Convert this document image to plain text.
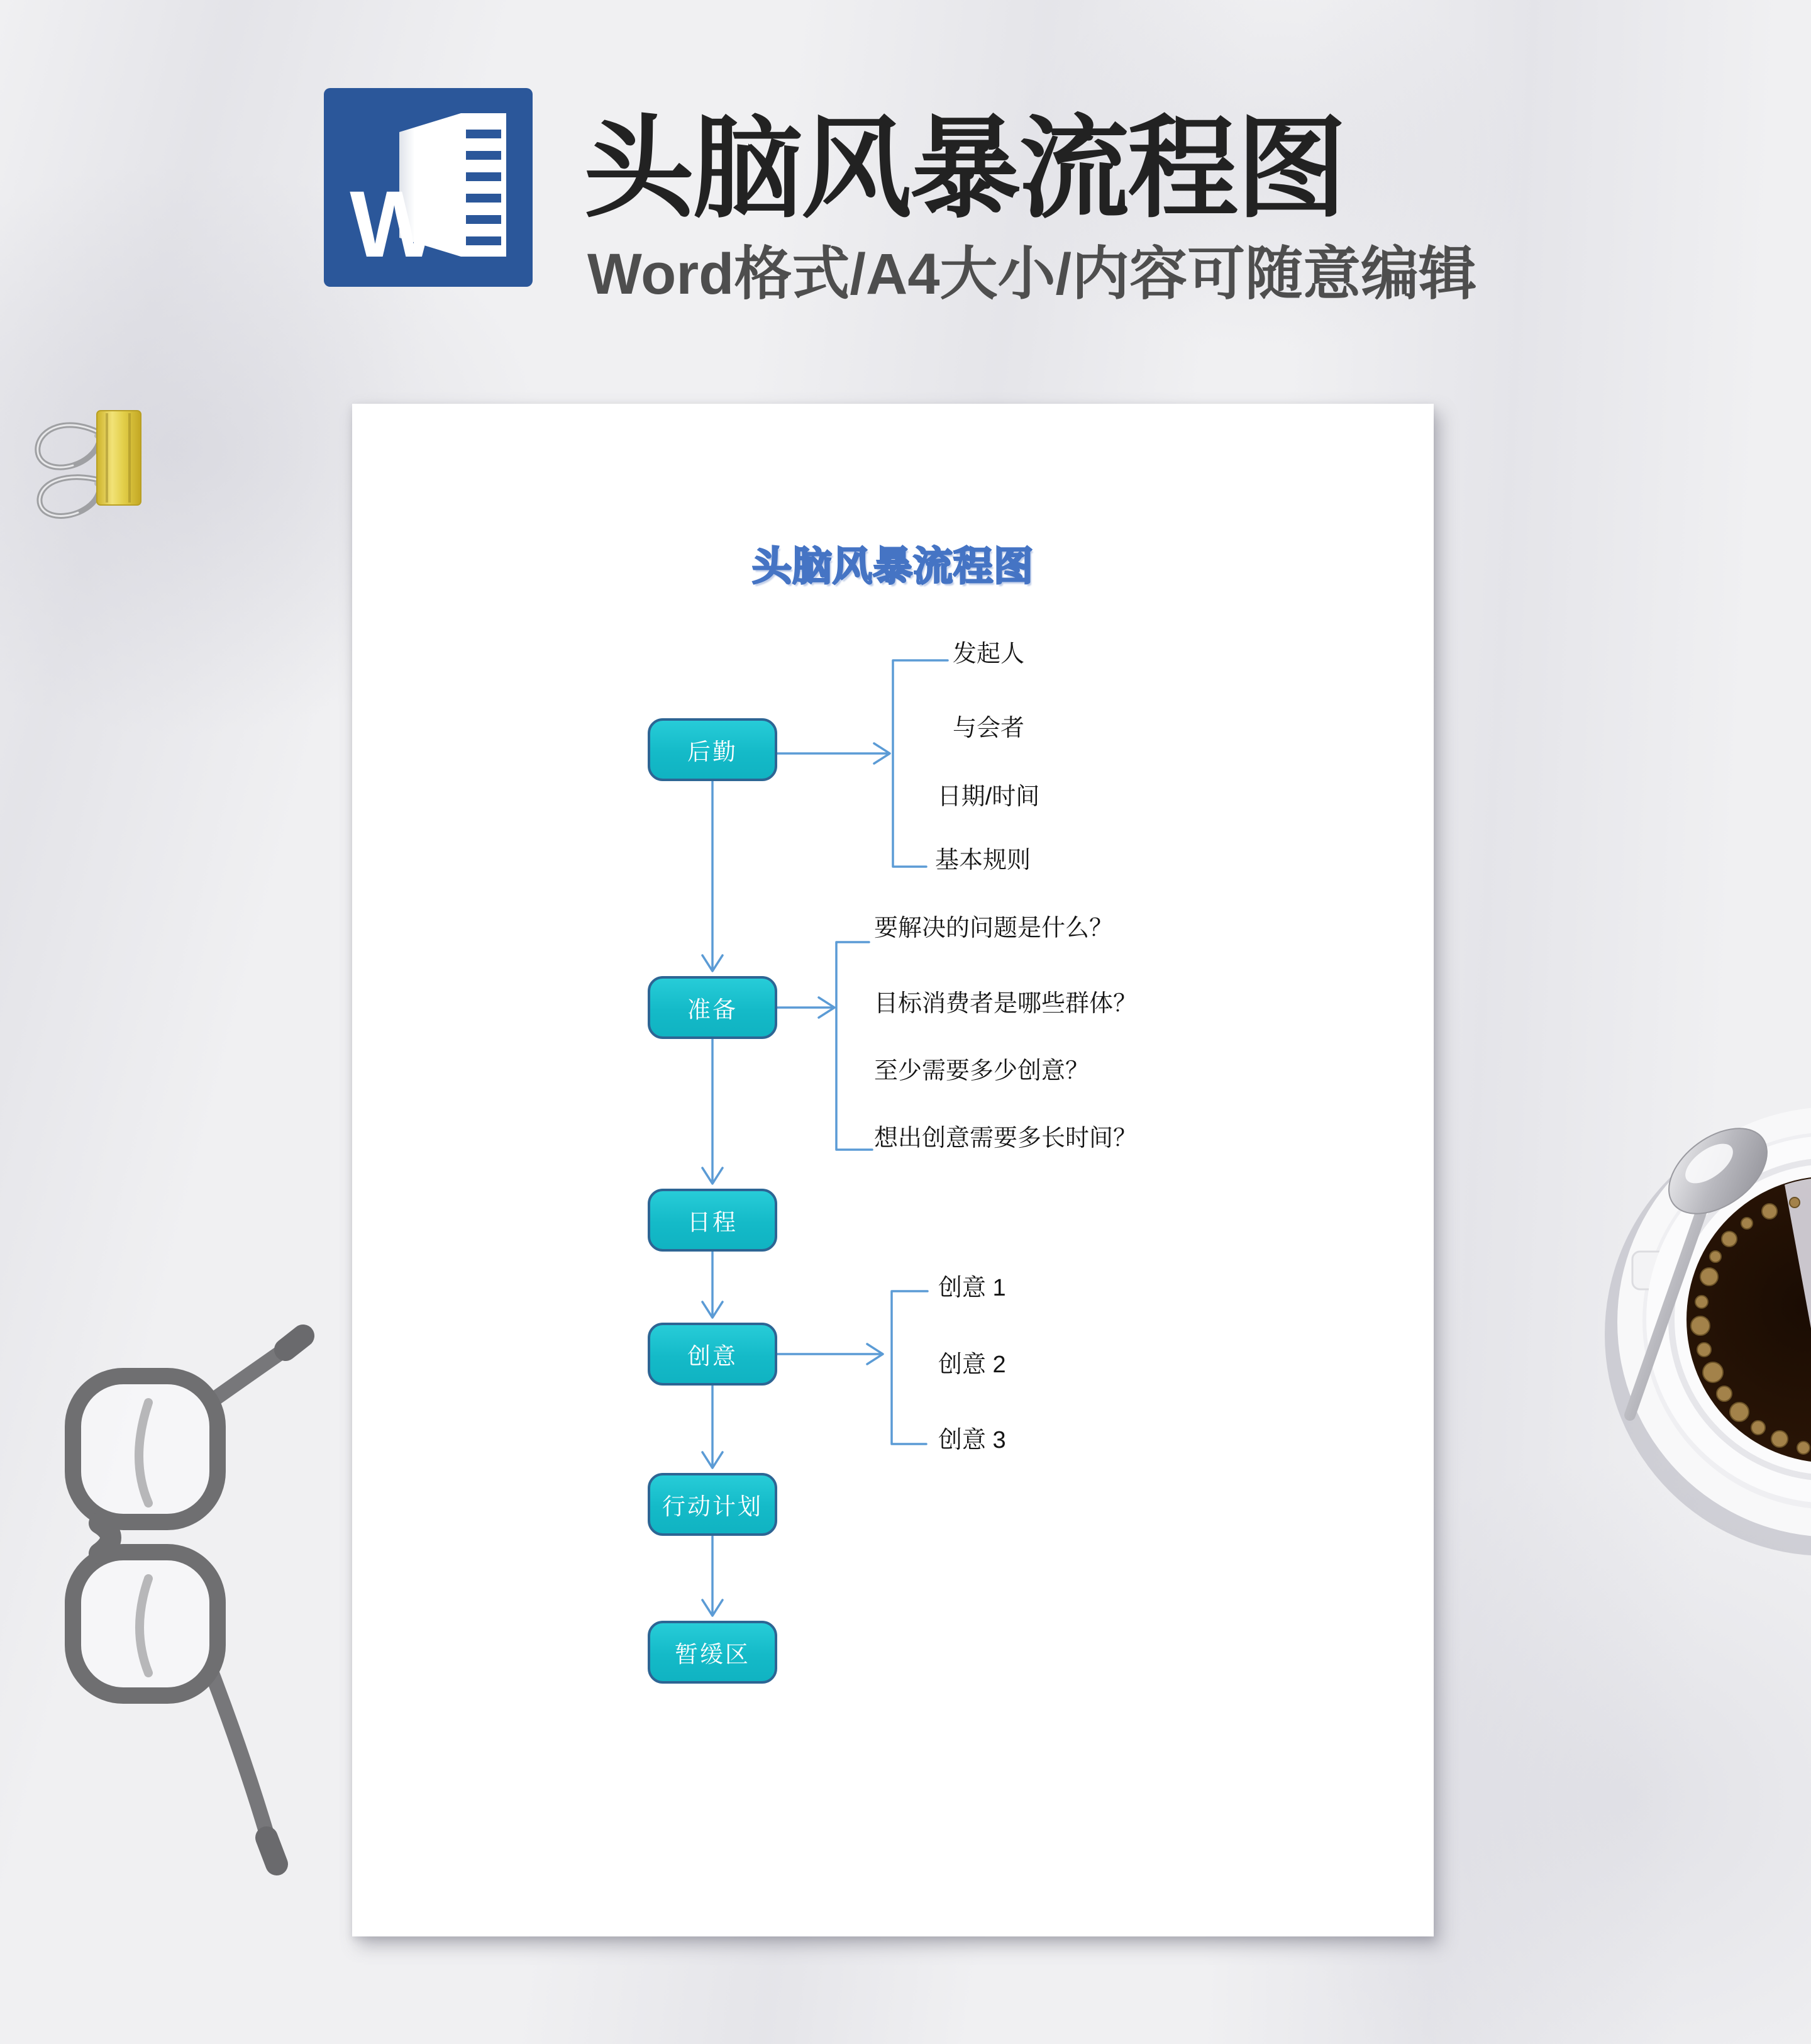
W 头脑风暴流程图
Word格式/A4大小/内容可随意编辑
头脑风暴流程图
后勤
准备
日程
创意
行动计划
暂缓区
发起人
与会者
日期/时间
基本规则
要解决的问题是什么？
目标消费者是哪些群体？
至少需要多少创意？
想出创意需要多长时间？
创意 1
创意 2
创意 3
